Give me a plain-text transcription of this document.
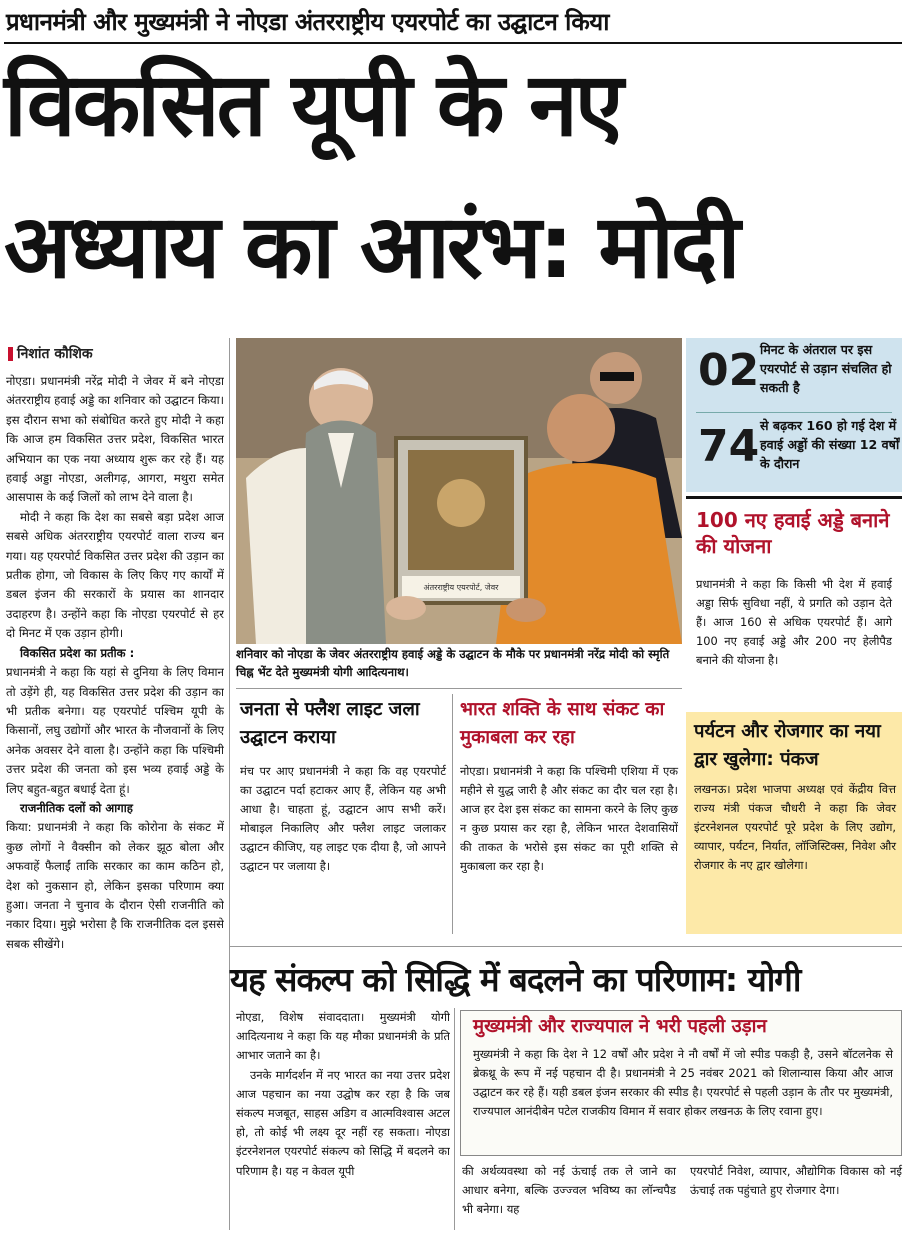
प्रधानमंत्री और मुख्यमंत्री ने नोएडा अंतरराष्ट्रीय एयरपोर्ट का उद्घाटन किया
विकसित यूपी के नए
अध्याय का आरंभ: मोदी
निशांत कौशिक

नोएडा। प्रधानमंत्री नरेंद्र मोदी ने जेवर में बने नोएडा अंतरराष्ट्रीय हवाई अड्डे का शनिवार को उद्घाटन किया। इस दौरान सभा को संबोधित करते हुए मोदी ने कहा कि आज हम विकसित उत्तर प्रदेश, विकसित भारत अभियान का एक नया अध्याय शुरू कर रहे हैं। यह हवाई अड्डा नोएडा, अलीगढ़, आगरा, मथुरा समेत आसपास के कई जिलों को लाभ देने वाला है।

मोदी ने कहा कि देश का सबसे बड़ा प्रदेश आज सबसे अधिक अंतरराष्ट्रीय एयरपोर्ट वाला राज्य बन गया। यह एयरपोर्ट विकसित उत्तर प्रदेश की उड़ान का प्रतीक होगा, जो विकास के लिए किए गए कार्यों में डबल इंजन की सरकारों के प्रयास का शानदार उदाहरण है। उन्होंने कहा कि नोएडा एयरपोर्ट से हर दो मिनट में एक उड़ान होगी।

विकसित प्रदेश का प्रतीक :

प्रधानमंत्री ने कहा कि यहां से दुनिया के लिए विमान तो उड़ेंगे ही, यह विकसित उत्तर प्रदेश की उड़ान का भी प्रतीक बनेगा। यह एयरपोर्ट पश्चिम यूपी के किसानों, लघु उद्योगों और भारत के नौजवानों के लिए अनेक अवसर देने वाला है। उन्होंने कहा कि पश्चिमी उत्तर प्रदेश की जनता को इस भव्य हवाई अड्डे के लिए बहुत-बहुत बधाई देता हूं।

राजनीतिक दलों को आगाह

किया: प्रधानमंत्री ने कहा कि कोरोना के संकट में कुछ लोगों ने वैक्सीन को लेकर झूठ बोला और अफवाहें फैलाईं ताकि सरकार का काम कठिन हो, देश को नुकसान हो, लेकिन इसका परिणाम क्या हुआ। जनता ने चुनाव के दौरान ऐसी राजनीति को नकार दिया। मुझे भरोसा है कि राजनीतिक दल इससे सबक सीखेंगे।

अंतरराष्ट्रीय एयरपोर्ट, जेवर
शनिवार को नोएडा के जेवर अंतरराष्ट्रीय हवाई अड्डे के उद्घाटन के मौके पर प्रधानमंत्री नरेंद्र मोदी को स्मृति चिह्न भेंट देते मुख्यमंत्री योगी आदित्यनाथ।
02 मिनट के अंतराल पर इस एयरपोर्ट से उड़ान संचलित हो सकती है
74 से बढ़कर 160 हो गई देश में हवाई अड्डों की संख्या 12 वर्षों के दौरान
100 नए हवाई अड्डे बनाने की योजना
प्रधानमंत्री ने कहा कि किसी भी देश में हवाई अड्डा सिर्फ सुविधा नहीं, ये प्रगति को उड़ान देते हैं। आज 160 से अधिक एयरपोर्ट हैं। आगे 100 नए हवाई अड्डे और 200 नए हेलीपैड बनाने की योजना है।
जनता से फ्लैश लाइट जला उद्घाटन कराया
मंच पर आए प्रधानमंत्री ने कहा कि वह एयरपोर्ट का उद्घाटन पर्दा हटाकर आए हैं, लेकिन यह अभी आधा है। चाहता हूं, उद्घाटन आप सभी करें। मोबाइल निकालिए और फ्लैश लाइट जलाकर उद्घाटन कीजिए, यह लाइट एक दीया है, जो आपने उद्घाटन पर जलाया है।
भारत शक्ति के साथ संकट का मुकाबला कर रहा
नोएडा। प्रधानमंत्री ने कहा कि पश्चिमी एशिया में एक महीने से युद्ध जारी है और संकट का दौर चल रहा है। आज हर देश इस संकट का सामना करने के लिए कुछ न कुछ प्रयास कर रहा है, लेकिन भारत देशवासियों की ताकत के भरोसे इस संकट का पूरी शक्ति से मुकाबला कर रहा है।
पर्यटन और रोजगार का नया द्वार खुलेगा: पंकज
लखनऊ। प्रदेश भाजपा अध्यक्ष एवं केंद्रीय वित्त राज्य मंत्री पंकज चौधरी ने कहा कि जेवर इंटरनेशनल एयरपोर्ट पूरे प्रदेश के लिए उद्योग, व्यापार, पर्यटन, निर्यात, लॉजिस्टिक्स, निवेश और रोजगार के नए द्वार खोलेगा।
यह संकल्प को सिद्धि में बदलने का परिणाम: योगी

नोएडा, विशेष संवाददाता। मुख्यमंत्री योगी आदित्यनाथ ने कहा कि यह मौका प्रधानमंत्री के प्रति आभार जताने का है।

उनके मार्गदर्शन में नए भारत का नया उत्तर प्रदेश आज पहचान का नया उद्घोष कर रहा है कि जब संकल्प मजबूत, साहस अडिग व आत्मविश्वास अटल हो, तो कोई भी लक्ष्य दूर नहीं रह सकता। नोएडा इंटरनेशनल एयरपोर्ट संकल्प को सिद्धि में बदलने का परिणाम है। यह न केवल यूपी

मुख्यमंत्री और राज्यपाल ने भरी पहली उड़ान
मुख्यमंत्री ने कहा कि देश ने 12 वर्षों और प्रदेश ने नौ वर्षों में जो स्पीड पकड़ी है, उसने बॉटलनेक से ब्रेकथ्रू के रूप में नई पहचान दी है। प्रधानमंत्री ने 25 नवंबर 2021 को शिलान्यास किया और आज उद्घाटन कर रहे हैं। यही डबल इंजन सरकार की स्पीड है। एयरपोर्ट से पहली उड़ान के तौर पर मुख्यमंत्री, राज्यपाल आनंदीबेन पटेल राजकीय विमान में सवार होकर लखनऊ के लिए रवाना हुए।
की अर्थव्यवस्था को नई ऊंचाई तक ले जाने का आधार बनेगा, बल्कि उज्ज्वल भविष्य का लॉन्चपैड भी बनेगा। यह
एयरपोर्ट निवेश, व्यापार, औद्योगिक विकास को नई ऊंचाई तक पहुंचाते हुए रोजगार देगा।
